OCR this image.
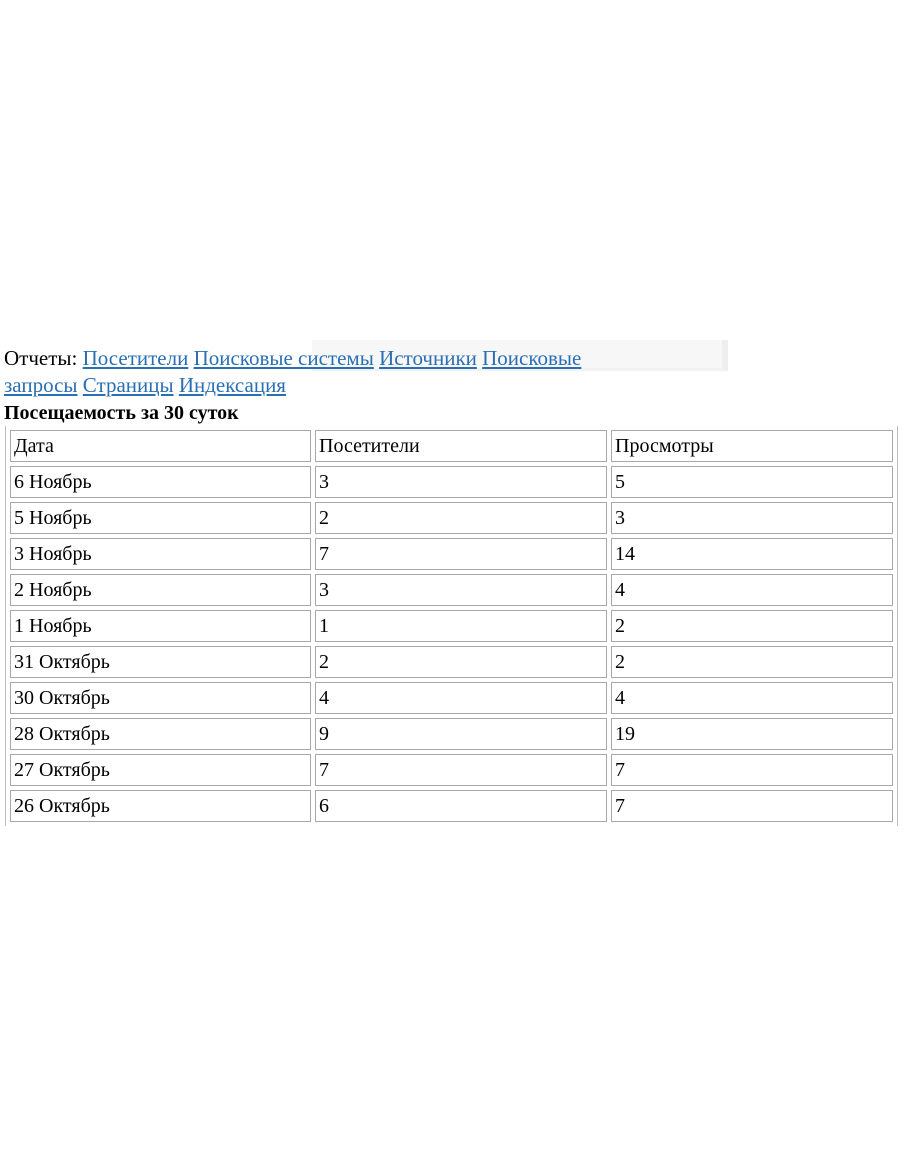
Отчеты: Посетители Поисковые системы Источники Поисковые запросы Страницы Индексация
Посещаемость за 30 суток
Дата	Посетители	Просмотры
6 Ноябрь	3	5
5 Ноябрь	2	3
3 Ноябрь	7	14
2 Ноябрь	3	4
1 Ноябрь	1	2
31 Октябрь	2	2
30 Октябрь	4	4
28 Октябрь	9	19
27 Октябрь	7	7
26 Октябрь	6	7
